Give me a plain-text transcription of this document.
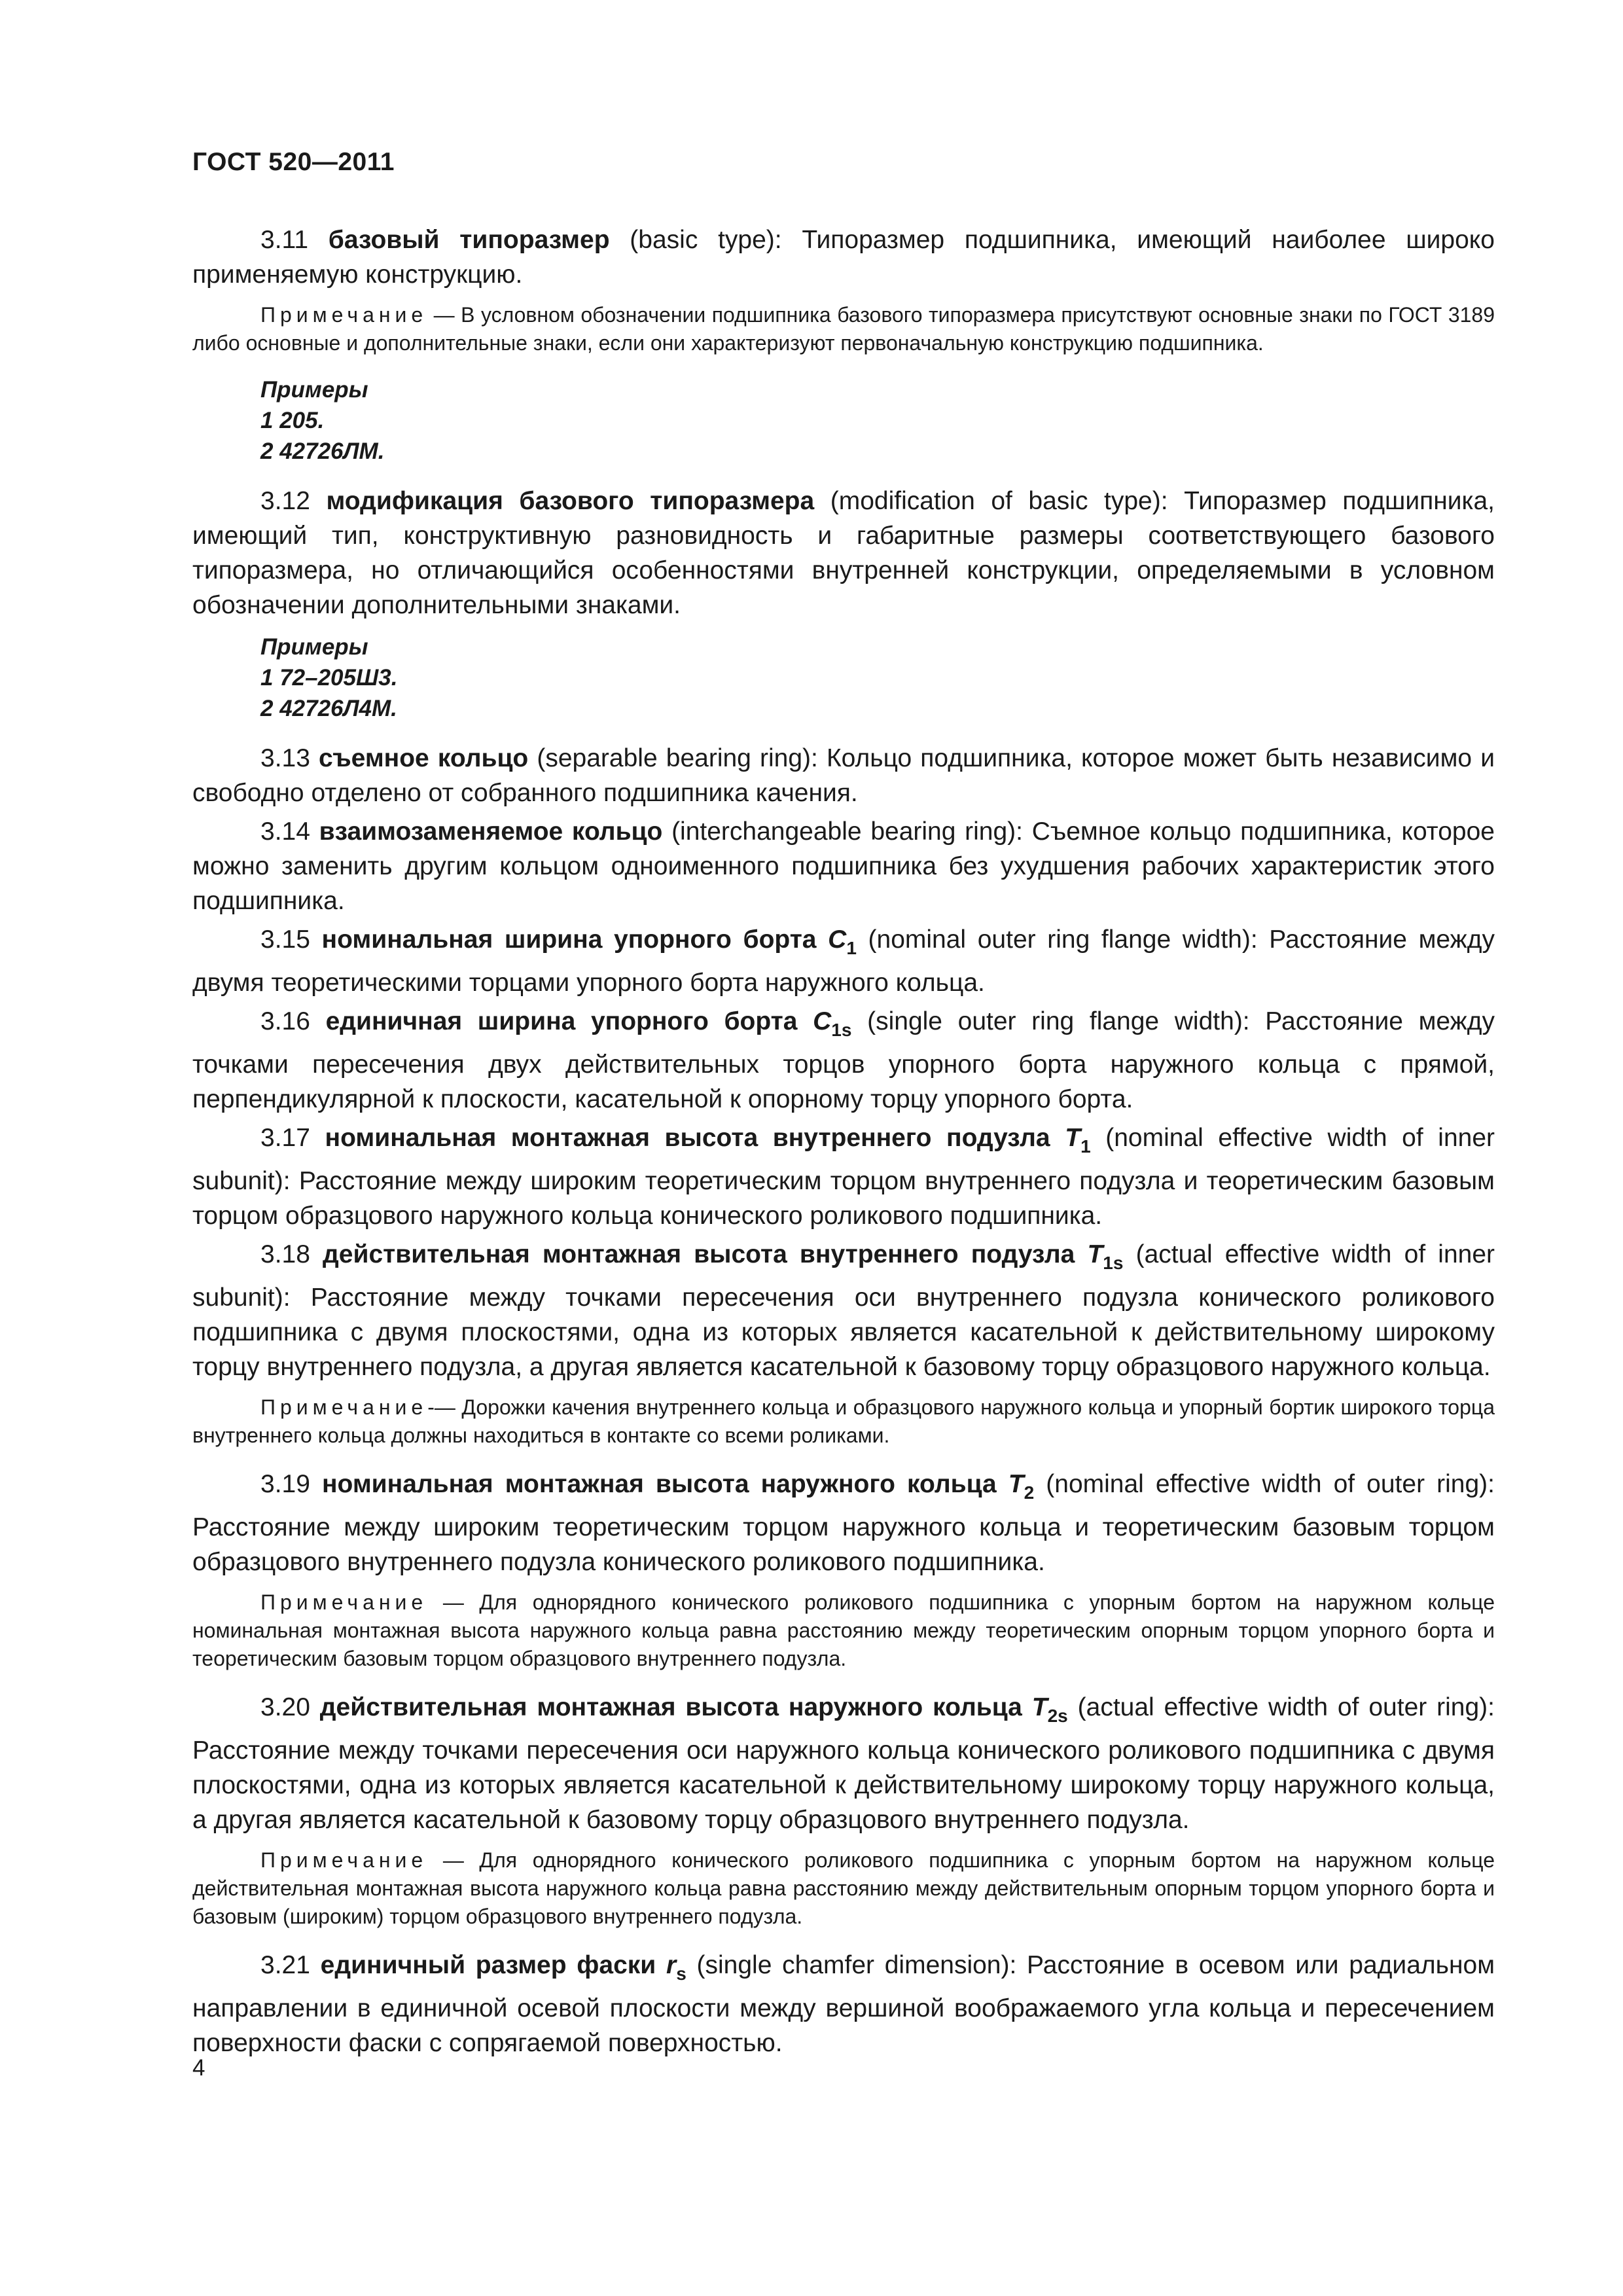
ГОСТ 520—2011

3.11 базовый типоразмер (basic type): Типоразмер подшипника, имеющий наиболее широко применяемую конструкцию.

Примечание — В условном обозначении подшипника базового типоразмера присутствуют основные знаки по ГОСТ 3189 либо основные и дополнительные знаки, если они характеризуют первоначальную конструкцию подшипника.

Примеры
1 205.
2 42726ЛМ.

3.12 модификация базового типоразмера (modification of basic type): Типоразмер подшипника, имеющий тип, конструктивную разновидность и габаритные размеры соответствующего базового типоразмера, но отличающийся особенностями внутренней конструкции, определяемыми в условном обозначении дополнительными знаками.

Примеры
1 72–205Ш3.
2 42726Л4М.

3.13 съемное кольцо (separable bearing ring): Кольцо подшипника, которое может быть независимо и свободно отделено от собранного подшипника качения.

3.14 взаимозаменяемое кольцо (interchangeable bearing ring): Съемное кольцо подшипника, которое можно заменить другим кольцом одноименного подшипника без ухудшения рабочих характеристик этого подшипника.

3.15 номинальная ширина упорного борта $C_1$ (nominal outer ring flange width): Расстояние между двумя теоретическими торцами упорного борта наружного кольца.

3.16 единичная ширина упорного борта $C_{1s}$ (single outer ring flange width): Расстояние между точками пересечения двух действительных торцов упорного борта наружного кольца с прямой, перпендикулярной к плоскости, касательной к опорному торцу упорного борта.

3.17 номинальная монтажная высота внутреннего подузла $T_1$ (nominal effective width of inner subunit): Расстояние между широким теоретическим торцом внутреннего подузла и теоретическим базовым торцом образцового наружного кольца конического роликового подшипника.

3.18 действительная монтажная высота внутреннего подузла $T_{1s}$ (actual effective width of inner subunit): Расстояние между точками пересечения оси внутреннего подузла конического роликового подшипника с двумя плоскостями, одна из которых является касательной к действительному широкому торцу внутреннего подузла, а другая является касательной к базовому торцу образцового наружного кольца.

Примечание-— Дорожки качения внутреннего кольца и образцового наружного кольца и упорный бортик широкого торца внутреннего кольца должны находиться в контакте со всеми роликами.

3.19 номинальная монтажная высота наружного кольца $T_2$ (nominal effective width of outer ring): Расстояние между широким теоретическим торцом наружного кольца и теоретическим базовым торцом образцового внутреннего подузла конического роликового подшипника.

Примечание — Для однорядного конического роликового подшипника с упорным бортом на наружном кольце номинальная монтажная высота наружного кольца равна расстоянию между теоретическим опорным торцом упорного борта и теоретическим базовым торцом образцового внутреннего подузла.

3.20 действительная монтажная высота наружного кольца $T_{2s}$ (actual effective width of outer ring): Расстояние между точками пересечения оси наружного кольца конического роликового подшипника с двумя плоскостями, одна из которых является касательной к действительному широкому торцу наружного кольца, а другая является касательной к базовому торцу образцового внутреннего подузла.

Примечание — Для однорядного конического роликового подшипника с упорным бортом на наружном кольце действительная монтажная высота наружного кольца равна расстоянию между действительным опорным торцом упорного борта и базовым (широким) торцом образцового внутреннего подузла.

3.21 единичный размер фаски $r_s$ (single chamfer dimension): Расстояние в осевом или радиальном направлении в единичной осевой плоскости между вершиной воображаемого угла кольца и пересечением поверхности фаски с сопрягаемой поверхностью.

4
